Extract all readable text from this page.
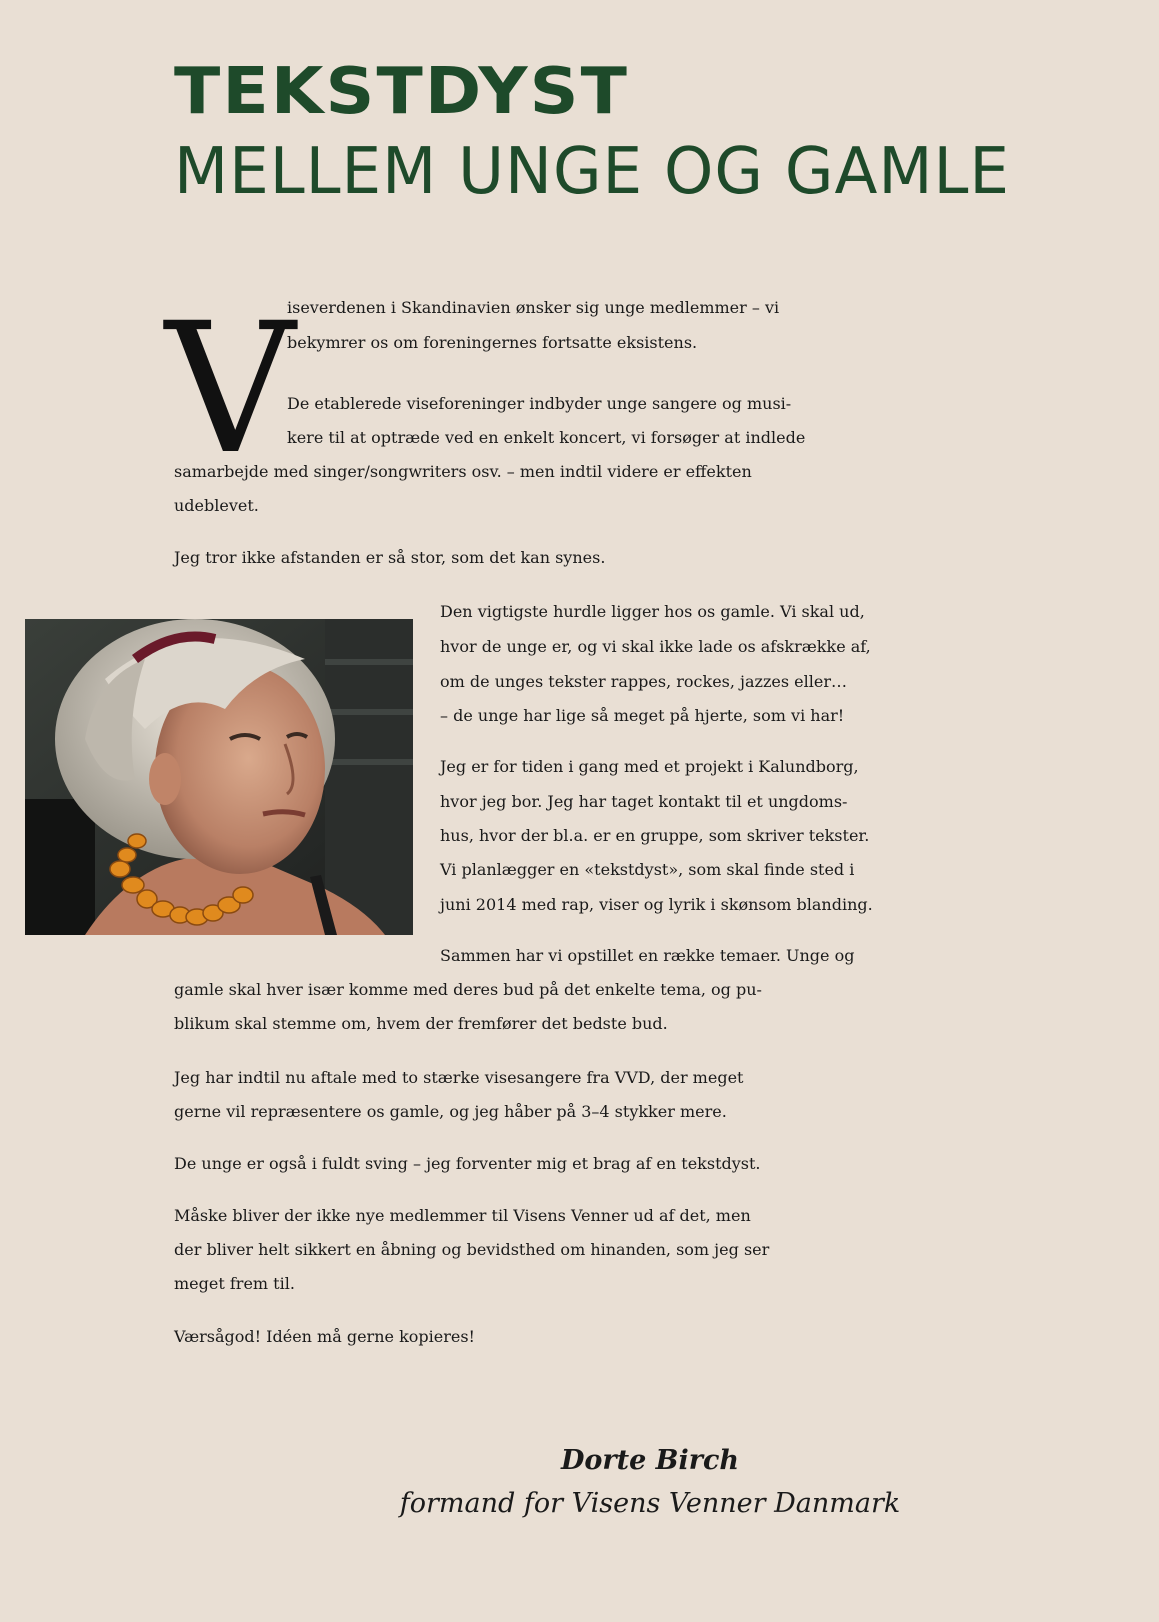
TEKSTDYST
MELLEM UNGE OG GAMLE
V
iseverdenen i Skandinavien ønsker sig unge medlemmer – vi
bekymrer os om foreningernes fortsatte eksistens.
De etablerede viseforeninger indbyder unge sangere og musi-
kere til at optræde ved en enkelt koncert, vi forsøger at indlede
samarbejde med singer/songwriters osv. – men indtil videre er effekten
udeblevet.
Jeg tror ikke afstanden er så stor, som det kan synes.
Den vigtigste hurdle ligger hos os gamle. Vi skal ud,
hvor de unge er, og vi skal ikke lade os afskrække af,
om de unges tekster rappes, rockes, jazzes eller…
– de unge har lige så meget på hjerte, som vi har!
Jeg er for tiden i gang med et projekt i Kalundborg,
hvor jeg bor. Jeg har taget kontakt til et ungdoms-
hus, hvor der bl.a. er en gruppe, som skriver tekster.
Vi planlægger en «tekstdyst», som skal finde sted i
juni 2014 med rap, viser og lyrik i skønsom blanding.
Sammen har vi opstillet en række temaer. Unge og
gamle skal hver især komme med deres bud på det enkelte tema, og pu-
blikum skal stemme om, hvem der fremfører det bedste bud.
Jeg har indtil nu aftale med to stærke visesangere fra VVD, der meget
gerne vil repræsentere os gamle, og jeg håber på 3–4 stykker mere.
De unge er også i fuldt sving – jeg forventer mig et brag af en tekstdyst.
Måske bliver der ikke nye medlemmer til Visens Venner ud af det, men
der bliver helt sikkert en åbning og bevidsthed om hinanden, som jeg ser
meget frem til.
Værsågod! Idéen må gerne kopieres!
Dorte Birch
formand for Visens Venner Danmark
